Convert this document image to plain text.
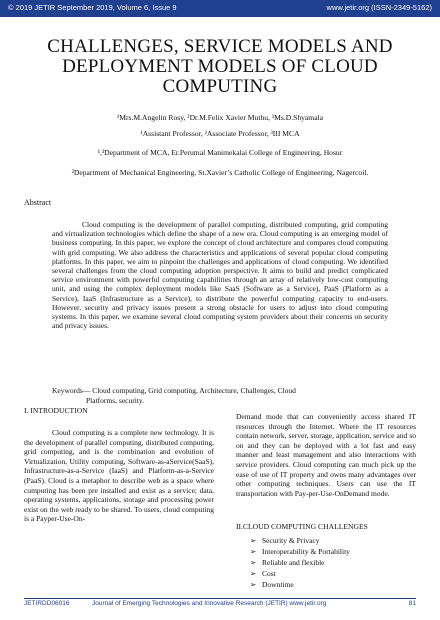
© 2019 JETIR September 2019, Volume 6, Issue 9	www.jetir.org (ISSN-2349-5162)
CHALLENGES, SERVICE MODELS AND
DEPLOYMENT MODELS OF CLOUD
COMPUTING
¹Mrs.M.Angelin Rosy, ²Dr.M.Felix Xavier Muthu, ³Ms.D.Shyamala
¹Assistant Professor, ²Associate Professor, ³III MCA
¹,³Department of MCA, Er.Perumal Manimekalai College of Engineering, Hosur
²Department of Mechanical Engineering, St.Xavier’s Catholic College of Engineering, Nagercoil.
Abstract
Cloud computing is the development of parallel computing, distributed computing, grid computing and virtualization technologies which define the shape of a new era. Cloud computing is an emerging model of business computing. In this paper, we explore the concept of cloud architecture and compares cloud computing with grid computing. We also address the characteristics and applications of several popular cloud computing platforms. In this paper, we aim to pinpoint the challenges and applications of cloud computing. We identified several challenges from the cloud computing adoption perspective. It aims to build and predict complicated service environment with powerful computing capabilities through an array of relatively low-cost computing unit, and using the complex deployment models like SaaS (Software as a Service), PaaS (Platform as a Service), IaaS (Infrastructure as a Service), to distribute the powerful computing capacity to end-users. However, security and privacy issues present a strong obstacle for users to adjust into cloud computing systems. In this paper, we examine several cloud computing system providers about their concerns on security and privacy issues.
Keywords— Cloud computing, Grid computing, Architecture, Challenges, Cloud
Platforms, security.
I. INTRODUCTION
Cloud computing is a complete new technology. It is the development of parallel computing, distributed computing, grid computing, and is the combination and evolution of Virtualization, Utility computing, Software-as-aService(SaaS), Infrastructure-as-a-Service (IaaS) and Platform-as-a-Service (PaaS). Cloud is a metaphor to describe web as a space where computing has been pre installed and exist as a service; data, operating systems, applications, storage and processing power exist on the web ready to be shared. To users, cloud computing is a Payper-Use-On-
Demand mode that can conveniently access shared IT resources through the Internet. Where the IT resources contain network, server, storage, application, service and so on and they can be deployed with a lot fast and easy manner and least management and also interactions with service providers. Cloud computing can much pick up the ease of use of IT property and owns many advantages over other computing techniques. Users can use the IT transportation with Pay-per-Use-OnDemand mode.
II.CLOUD COMPUTING CHALLENGES
➢ Security & Privacy
➢ Interoperability & Portability
➢ Reliable and flexible
➢ Cost
➢ Downtime
JETIRDD06016	Journal of Emerging Technologies and Innovative Research (JETIR) www.jetir.org	81
